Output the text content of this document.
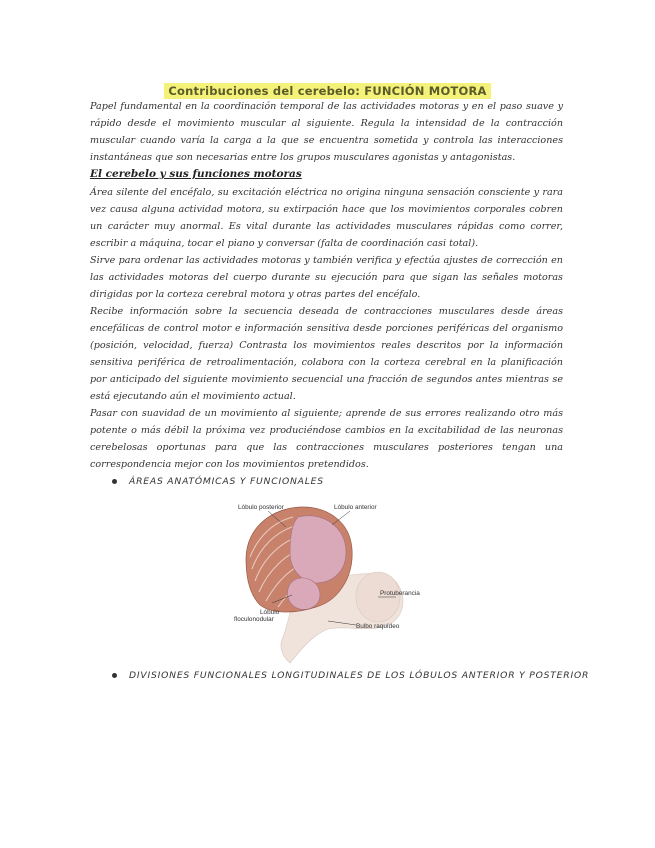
Contribuciones del cerebelo: FUNCIÓN MOTORA

Papel fundamental en la coordinación temporal de las actividades motoras y en el paso suave y rápido desde el movimiento muscular al siguiente. Regula la intensidad de la contracción muscular cuando varía la carga a la que se encuentra sometida y controla las interacciones instantáneas que son necesarias entre los grupos musculares agonistas y antagonistas.

El cerebelo y sus funciones motoras

Área silente del encéfalo, su excitación eléctrica no origina ninguna sensación consciente y rara vez causa alguna actividad motora, su extirpación hace que los movimientos corporales cobren un carácter muy anormal. Es vital durante las actividades musculares rápidas como correr, escribir a máquina, tocar el piano y conversar (falta de coordinación casi total).

Sirve para ordenar las actividades motoras y también verifica y efectúa ajustes de corrección en las actividades motoras del cuerpo durante su ejecución para que sigan las señales motoras dirigidas por la corteza cerebral motora y otras partes del encéfalo.

Recibe información sobre la secuencia deseada de contracciones musculares desde áreas encefálicas de control motor e información sensitiva desde porciones periféricas del organismo (posición, velocidad, fuerza) Contrasta los movimientos reales descritos por la información sensitiva periférica de retroalimentación, colabora con la corteza cerebral en la planificación por anticipado del siguiente movimiento secuencial una fracción de segundos antes mientras se está ejecutando aún el movimiento actual.

Pasar con suavidad de un movimiento al siguiente; aprende de sus errores realizando otro más potente o más débil la próxima vez produciéndose cambios en la excitabilidad de las neuronas cerebelosas oportunas para que las contracciones musculares posteriores tengan una correspondencia mejor con los movimientos pretendidos.

ÁREAS ANATÓMICAS Y FUNCIONALES
Lóbulo posterior	Lóbulo anterior
Protuberancia
Lóbulo
floculonodular
Bulbo raquídeo
DIVISIONES FUNCIONALES LONGITUDINALES DE LOS LÓBULOS ANTERIOR Y POSTERIOR
